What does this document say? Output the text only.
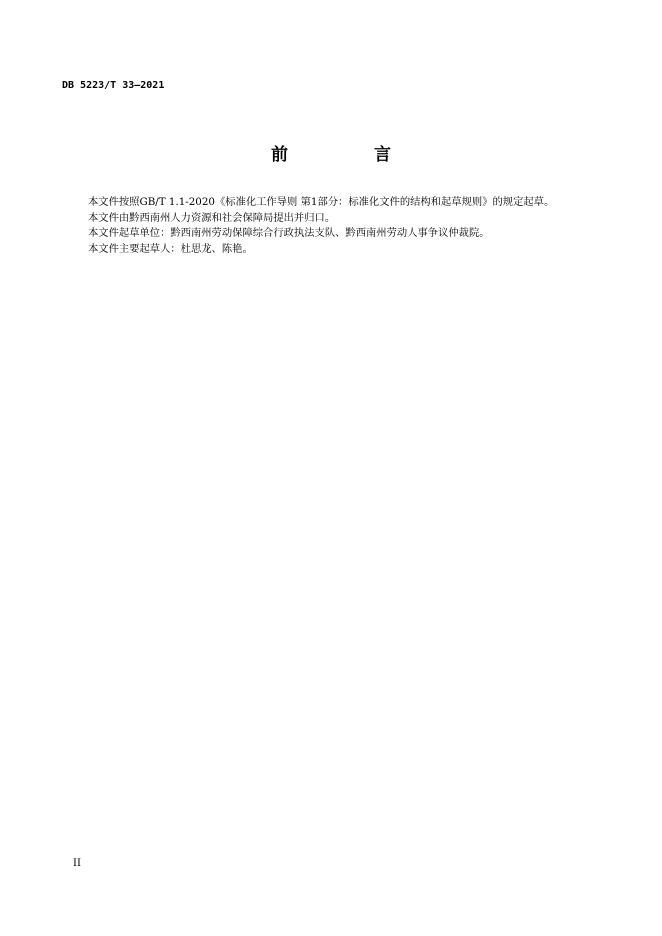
DB 5223/T 33—2021
前 言

本文件按照GB/T 1.1-2020《标准化工作导则 第1部分：标准化文件的结构和起草规则》的规定起草。

本文件由黔西南州人力资源和社会保障局提出并归口。

本文件起草单位：黔西南州劳动保障综合行政执法支队、黔西南州劳动人事争议仲裁院。

本文件主要起草人：杜思龙、陈艳。

II
